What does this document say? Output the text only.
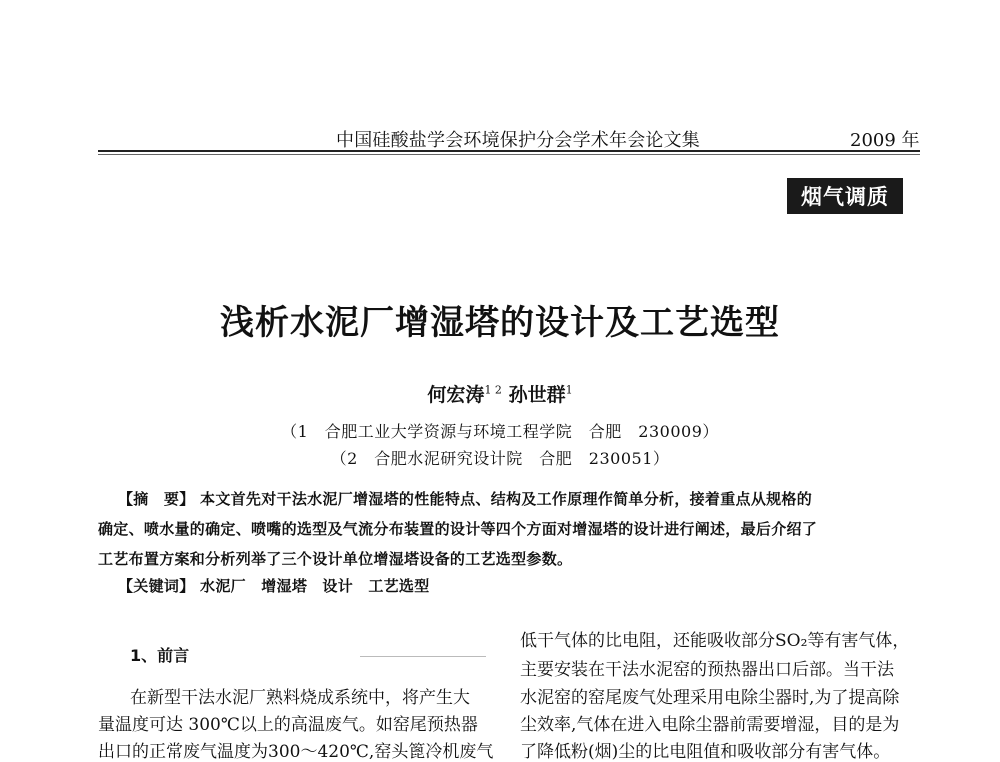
中国硅酸盐学会环境保护分会学术年会论文集	2009 年
烟气调质
浅析水泥厂增湿塔的设计及工艺选型
何宏涛$^{1 2}$ 孙世群$^1$
（1　合肥工业大学资源与环境工程学院　合肥　230009）
（2　合肥水泥研究设计院　合肥　230051）
【摘　要】 本文首先对干法水泥厂增湿塔的性能特点、结构及工作原理作简单分析，接着重点从规格的
确定、喷水量的确定、喷嘴的选型及气流分布装置的设计等四个方面对增湿塔的设计进行阐述，最后介绍了
工艺布置方案和分析列举了三个设计单位增湿塔设备的工艺选型参数。
【关键词】 水泥厂　增湿塔　设计　工艺选型
1、前言
在新型干法水泥厂熟料烧成系统中，将产生大
量温度可达 300℃以上的高温废气。如窑尾预热器
出口的正常废气温度为300～420℃,窑头篦冷机废气
低干气体的比电阻，还能吸收部分SO₂等有害气体，
主要安装在干法水泥窑的预热器出口后部。当干法
水泥窑的窑尾废气处理采用电除尘器时,为了提高除
尘效率,气体在进入电除尘器前需要增湿，目的是为
了降低粉(烟)尘的比电阻值和吸收部分有害气体。
